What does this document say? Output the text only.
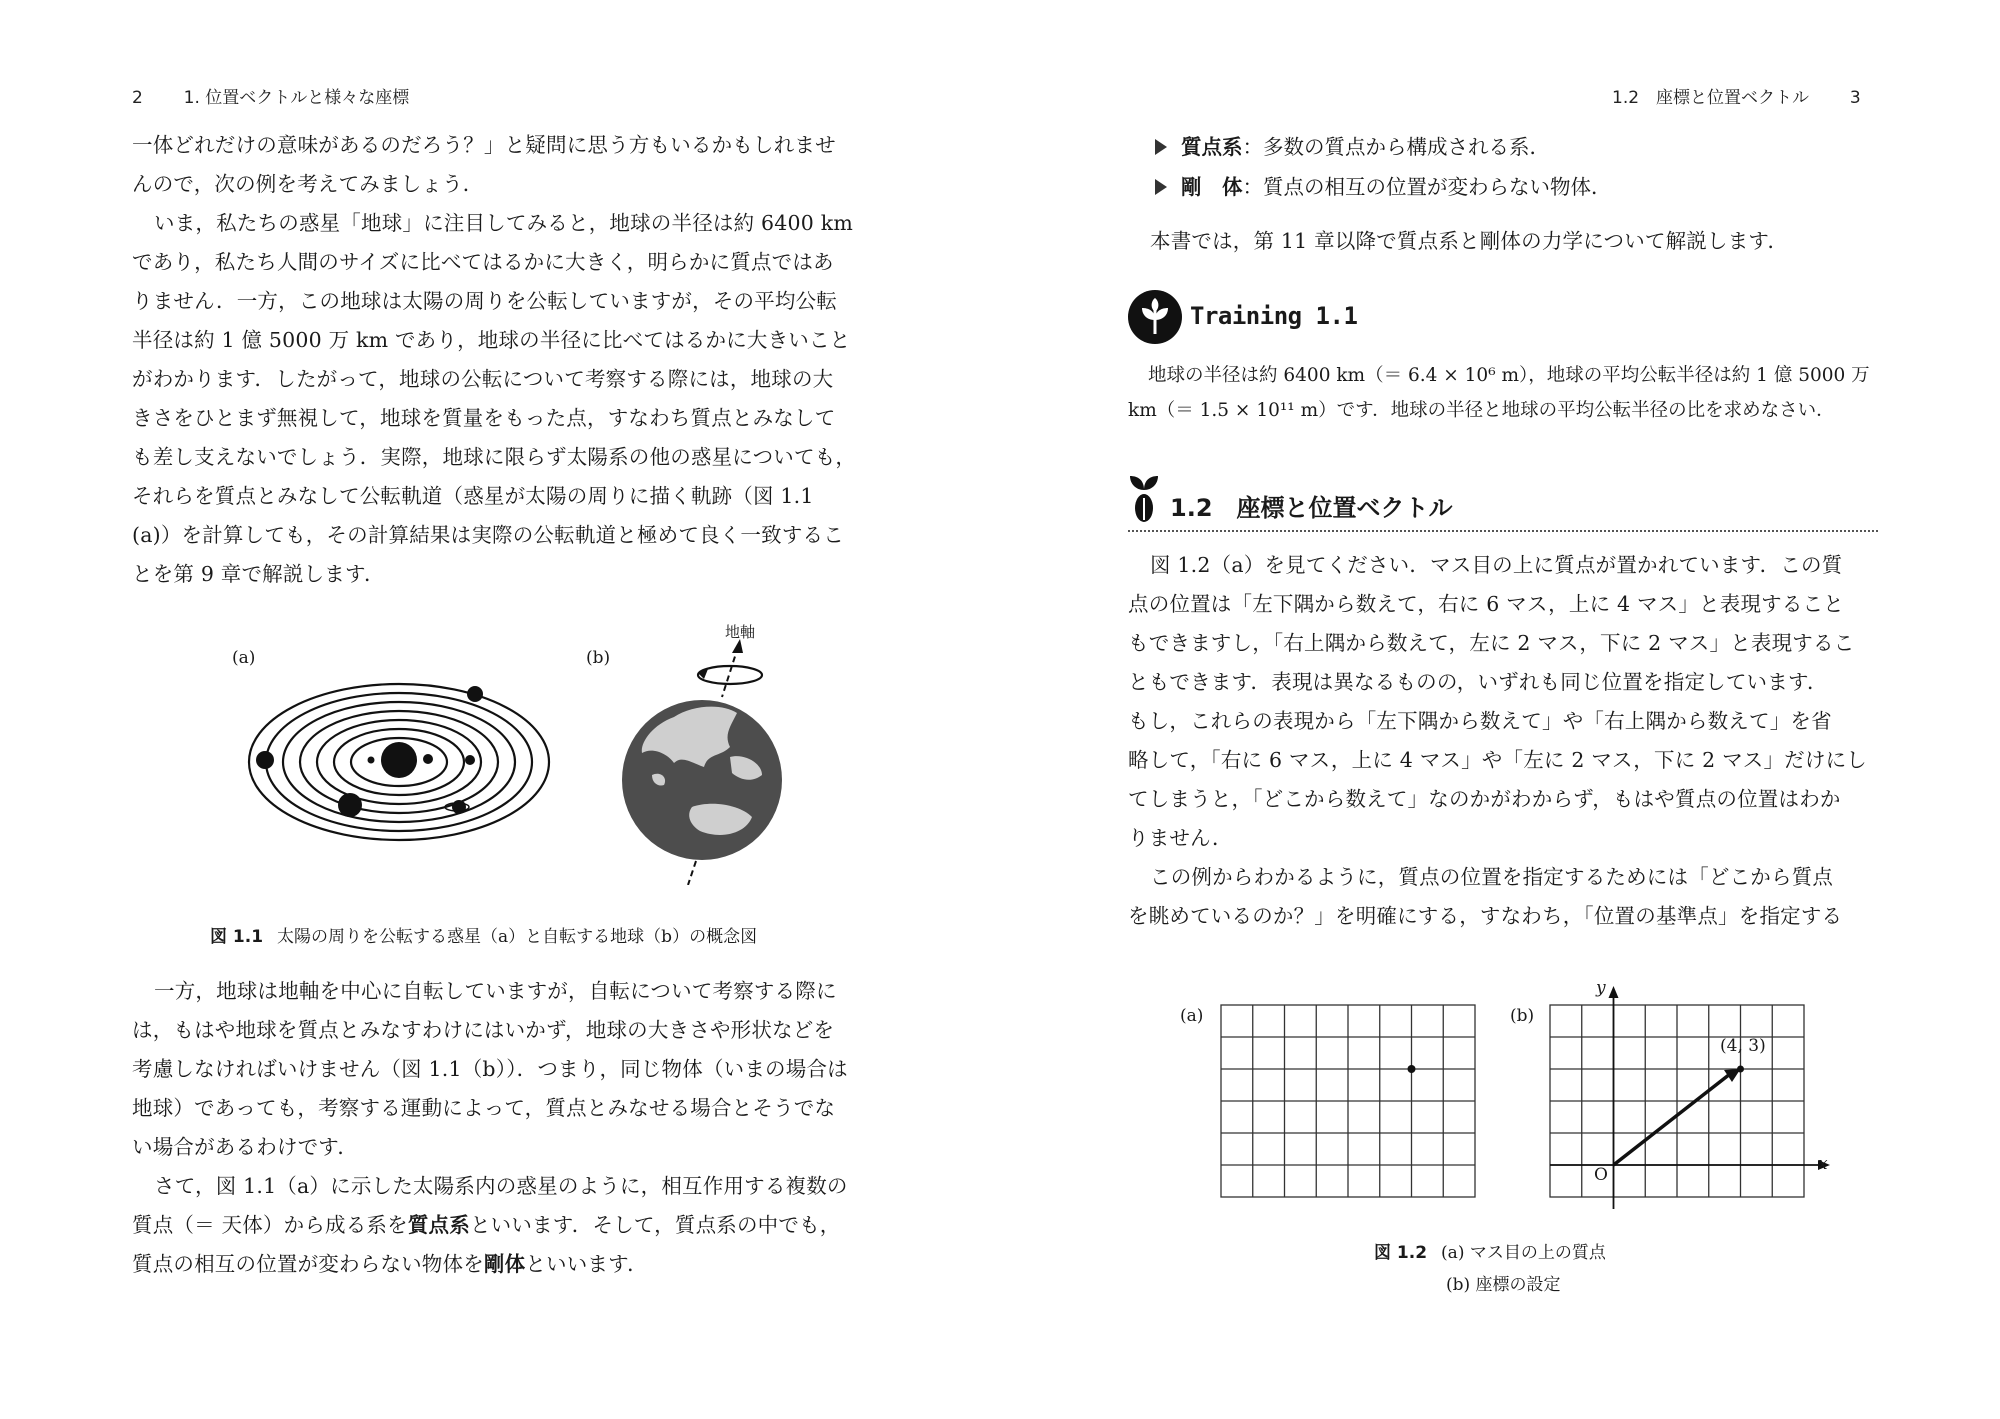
2 1. 位置ベクトルと様々な座標
一体どれだけの意味があるのだろう？」と疑問に思う方もいるかもしれませ
んので，次の例を考えてみましょう．
いま，私たちの惑星「地球」に注目してみると，地球の半径は約 6400 km
であり，私たち人間のサイズに比べてはるかに大きく，明らかに質点ではあ
りません．一方，この地球は太陽の周りを公転していますが，その平均公転
半径は約 1 億 5000 万 km であり，地球の半径に比べてはるかに大きいこと
がわかります．したがって，地球の公転について考察する際には，地球の大
きさをひとまず無視して，地球を質量をもった点，すなわち質点とみなして
も差し支えないでしょう．実際，地球に限らず太陽系の他の惑星についても，
それらを質点とみなして公転軌道（惑星が太陽の周りに描く軌跡（図 1.1
(a)）を計算しても，その計算結果は実際の公転軌道と極めて良く一致するこ
とを第 9 章で解説します．
(a)	(b)
地軸
図 1.1 太陽の周りを公転する惑星（a）と自転する地球（b）の概念図
一方，地球は地軸を中心に自転していますが，自転について考察する際に
は，もはや地球を質点とみなすわけにはいかず，地球の大きさや形状などを
考慮しなければいけません（図 1.1（b））．つまり，同じ物体（いまの場合は
地球）であっても，考察する運動によって，質点とみなせる場合とそうでな
い場合があるわけです．
さて，図 1.1（a）に示した太陽系内の惑星のように，相互作用する複数の
質点（＝ 天体）から成る系を質点系といいます．そして，質点系の中でも，
質点の相互の位置が変わらない物体を剛体といいます．
1.2　座標と位置ベクトル 3
質点系：多数の質点から構成される系．
剛　体：質点の相互の位置が変わらない物体．
本書では，第 11 章以降で質点系と剛体の力学について解説します．
Training 1.1
地球の半径は約 6400 km（＝ 6.4 × 10⁶ m），地球の平均公転半径は約 1 億 5000 万
km（＝ 1.5 × 10¹¹ m）です．地球の半径と地球の平均公転半径の比を求めなさい．
1.2 座標と位置ベクトル
図 1.2（a）を見てください．マス目の上に質点が置かれています．この質
点の位置は「左下隅から数えて，右に 6 マス，上に 4 マス」と表現すること
もできますし，「右上隅から数えて，左に 2 マス，下に 2 マス」と表現するこ
ともできます．表現は異なるものの，いずれも同じ位置を指定しています．
もし，これらの表現から「左下隅から数えて」や「右上隅から数えて」を省
略して，「右に 6 マス，上に 4 マス」や「左に 2 マス，下に 2 マス」だけにし
てしまうと，「どこから数えて」なのかがわからず，もはや質点の位置はわか
りません．
この例からわかるように，質点の位置を指定するためには「どこから質点
を眺めているのか？」を明確にする，すなわち，「位置の基準点」を指定する
(a)	(b)
y
x
O
(4, 3)
図 1.2 (a) マス目の上の質点
(b) 座標の設定
